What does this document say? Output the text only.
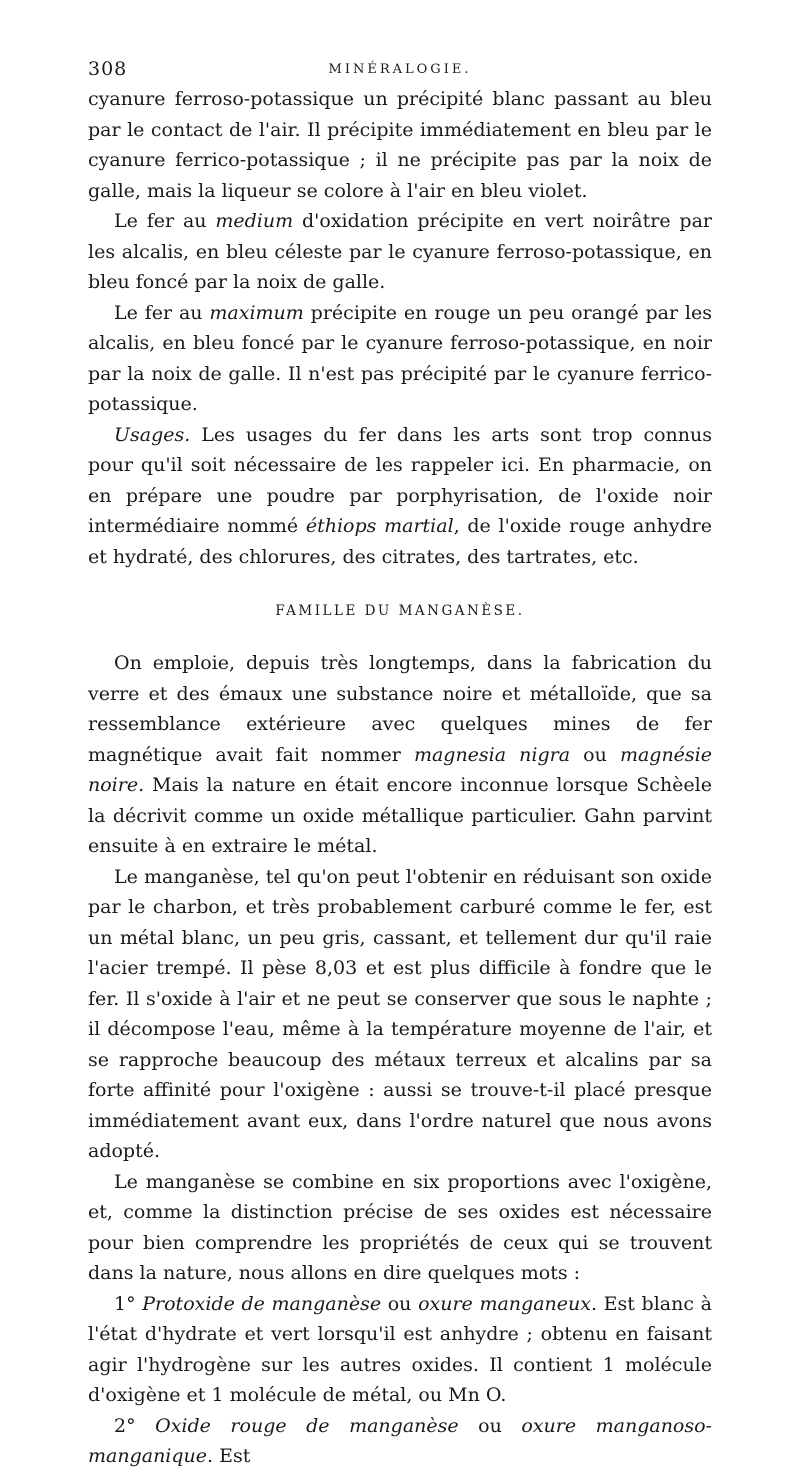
308	MINÉRALOGIE.

cyanure ferroso-potassique un précipité blanc passant au bleu par le contact de l'air. Il précipite immédiatement en bleu par le cyanure ferrico-potassique ; il ne précipite pas par la noix de galle, mais la liqueur se colore à l'air en bleu violet.

Le fer au medium d'oxidation précipite en vert noirâtre par les alcalis, en bleu céleste par le cyanure ferroso-potassique, en bleu foncé par la noix de galle.

Le fer au maximum précipite en rouge un peu orangé par les alcalis, en bleu foncé par le cyanure ferroso-potassique, en noir par la noix de galle. Il n'est pas précipité par le cyanure ferrico-potassique.

Usages. Les usages du fer dans les arts sont trop connus pour qu'il soit nécessaire de les rappeler ici. En pharmacie, on en prépare une poudre par porphyrisation, de l'oxide noir intermédiaire nommé éthiops martial, de l'oxide rouge anhydre et hydraté, des chlorures, des citrates, des tartrates, etc.

FAMILLE DU MANGANÈSE.

On emploie, depuis très longtemps, dans la fabrication du verre et des émaux une substance noire et métalloïde, que sa ressemblance extérieure avec quelques mines de fer magnétique avait fait nommer magnesia nigra ou magnésie noire. Mais la nature en était encore inconnue lorsque Schèele la décrivit comme un oxide métallique particulier. Gahn parvint ensuite à en extraire le métal.

Le manganèse, tel qu'on peut l'obtenir en réduisant son oxide par le charbon, et très probablement carburé comme le fer, est un métal blanc, un peu gris, cassant, et tellement dur qu'il raie l'acier trempé. Il pèse 8,03 et est plus difficile à fondre que le fer. Il s'oxide à l'air et ne peut se conserver que sous le naphte ; il décompose l'eau, même à la température moyenne de l'air, et se rapproche beaucoup des métaux terreux et alcalins par sa forte affinité pour l'oxigène : aussi se trouve-t-il placé presque immédiatement avant eux, dans l'ordre naturel que nous avons adopté.

Le manganèse se combine en six proportions avec l'oxigène, et, comme la distinction précise de ses oxides est nécessaire pour bien comprendre les propriétés de ceux qui se trouvent dans la nature, nous allons en dire quelques mots :

1° Protoxide de manganèse ou oxure manganeux. Est blanc à l'état d'hydrate et vert lorsqu'il est anhydre ; obtenu en faisant agir l'hydrogène sur les autres oxides. Il contient 1 molécule d'oxigène et 1 molécule de métal, ou Mn O.

2° Oxide rouge de manganèse ou oxure manganoso-manganique. Est
